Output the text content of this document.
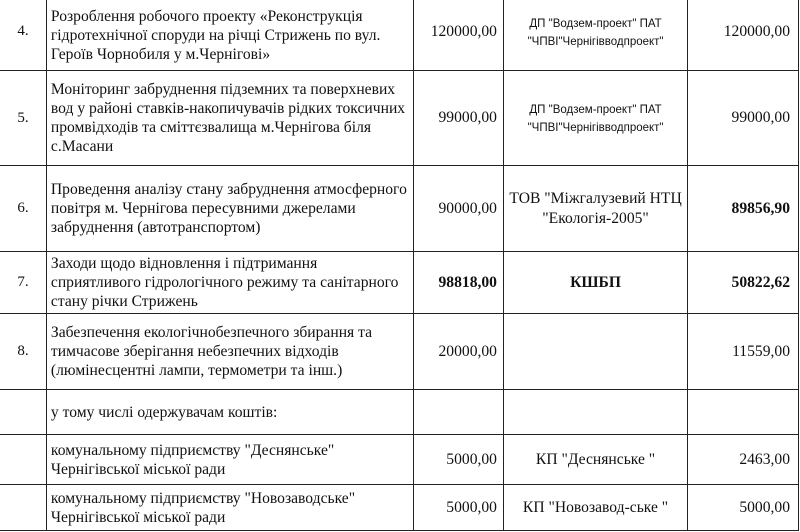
4.	Розроблення робочого проекту «Реконструкція гідротехнічної споруди на річці Стрижень по вул. Героїв Чорнобиля у м.Чернігові»	120000,00	ДП "Водзем-проект" ПАТ "ЧПВІ"Чернігівводпроект"	120000,00
5.	Моніторинг забруднення підземних та поверхневих вод у районі ставків-накопичувачів рідких токсичних промвідходів та сміттєзвалища м.Чернігова біля с.Масани	99000,00	ДП "Водзем-проект" ПАТ "ЧПВІ"Чернігівводпроект"	99000,00
6.	Проведення аналізу стану забруднення атмосферного повітря м. Чернігова пересувними джерелами забруднення (автотранспортом)	90000,00	ТОВ "Міжгалузевий НТЦ "Екологія-2005"	89856,90
7.	Заходи щодо відновлення і підтримання сприятливого гідрологічного режиму та санітарного стану річки Стрижень	98818,00	КШБП	50822,62
8.	Забезпечення екологічнобезпечного збирання та тимчасове зберігання небезпечних відходів (люмінесцентні лампи, термометри та інш.)	20000,00		11559,00
	у тому числі одержувачам коштів:			
	комунальному підприємству "Деснянське" Чернігівської міської ради	5000,00	КП "Деснянське "	2463,00
	комунальному підприємству "Новозаводське" Чернігівської міської ради	5000,00	КП "Новозавод-ське "	5000,00
